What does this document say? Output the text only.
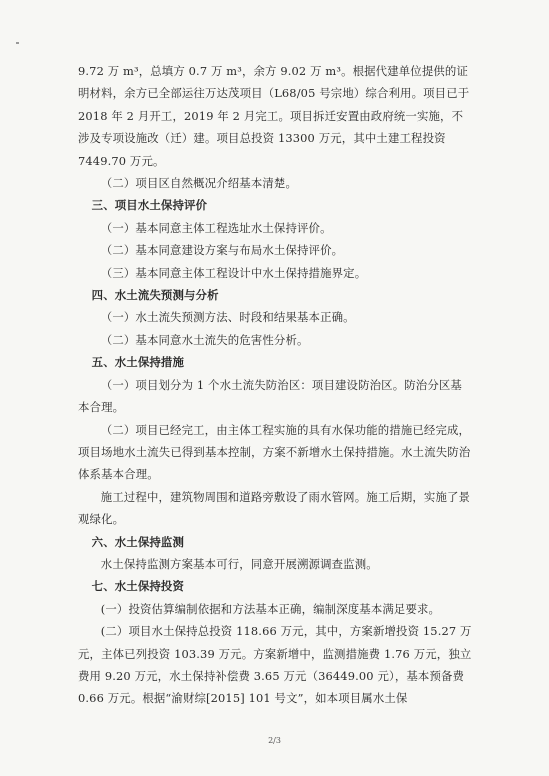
9.72 万 m³，总填方 0.7 万 m³，余方 9.02 万 m³。根据代建单位提供的证明材料，余方已全部运往万达茂项目（L68/05 号宗地）综合利用。项目已于 2018 年 2 月开工，2019 年 2 月完工。项目拆迁安置由政府统一实施，不涉及专项设施改（迁）建。项目总投资 13300 万元，其中土建工程投资 7449.70 万元。

（二）项目区自然概况介绍基本清楚。

三、项目水土保持评价

（一）基本同意主体工程选址水土保持评价。

（二）基本同意建设方案与布局水土保持评价。

（三）基本同意主体工程设计中水土保持措施界定。

四、水土流失预测与分析

（一）水土流失预测方法、时段和结果基本正确。

（二）基本同意水土流失的危害性分析。

五、水土保持措施

（一）项目划分为 1 个水土流失防治区：项目建设防治区。防治分区基本合理。

（二）项目已经完工，由主体工程实施的具有水保功能的措施已经完成，项目场地水土流失已得到基本控制，方案不新增水土保持措施。水土流失防治体系基本合理。

施工过程中，建筑物周围和道路旁敷设了雨水管网。施工后期，实施了景观绿化。

六、水土保持监测

水土保持监测方案基本可行，同意开展溯源调查监测。

七、水土保持投资

(一）投资估算编制依据和方法基本正确，编制深度基本满足要求。

(二）项目水土保持总投资 118.66 万元，其中，方案新增投资 15.27 万元，主体已列投资 103.39 万元。方案新增中，监测措施费 1.76 万元，独立费用 9.20 万元，水土保持补偿费 3.65 万元（36449.00 元），基本预备费 0.66 万元。根据“渝财综[2015] 101 号文”，如本项目属水土保

2/3
